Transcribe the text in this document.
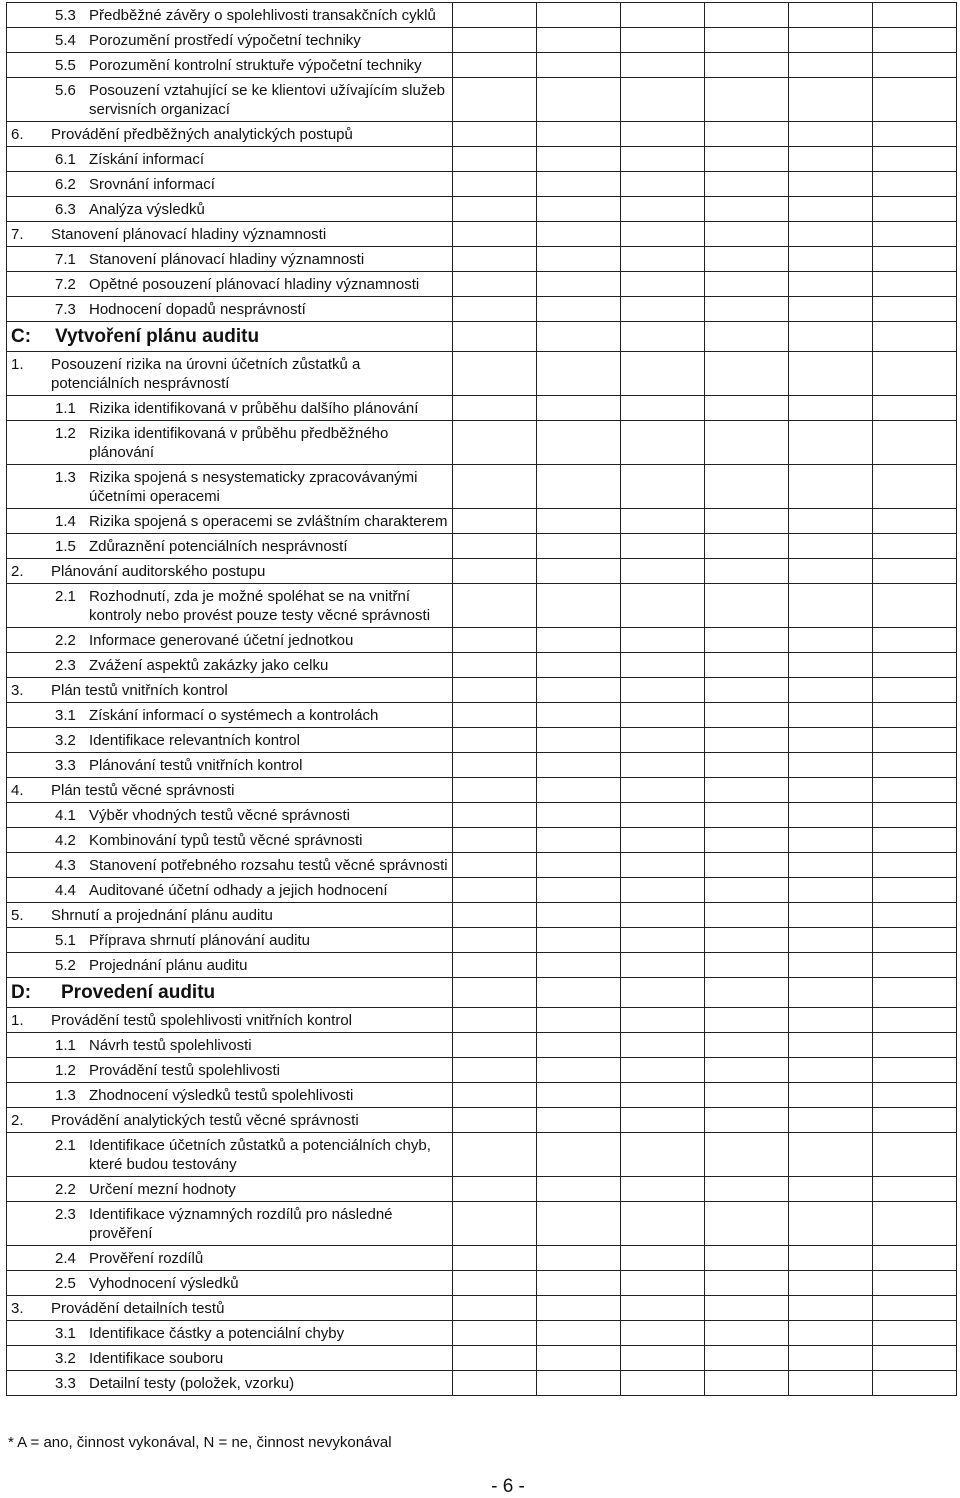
5.3 Předběžné závěry o spolehlivosti transakčních cyklů						

5.4 Porozumění prostředí výpočetní techniky						

5.5 Porozumění kontrolní struktuře výpočetní techniky						

5.6 Posouzení vztahující se ke klientovi užívajícím služeb servisních organizací						

6. Provádění předběžných analytických postupů						

6.1 Získání informací						

6.2 Srovnání informací						

6.3 Analýza výsledků						

7. Stanovení plánovací hladiny významnosti						

7.1 Stanovení plánovací hladiny významnosti						

7.2 Opětné posouzení plánovací hladiny významnosti						

7.3 Hodnocení dopadů nesprávností						

C: Vytvoření plánu auditu						

1. Posouzení rizika na úrovni účetních zůstatků a potenciálních nesprávností						

1.1 Rizika identifikovaná v průběhu dalšího plánování						

1.2 Rizika identifikovaná v průběhu předběžného plánování						

1.3 Rizika spojená s nesystematicky zpracovávanými účetními operacemi						

1.4 Rizika spojená s operacemi se zvláštním charakterem						

1.5 Zdůraznění potenciálních nesprávností						

2. Plánování auditorského postupu						

2.1 Rozhodnutí, zda je možné spoléhat se na vnitřní kontroly nebo provést pouze testy věcné správnosti						

2.2 Informace generované účetní jednotkou						

2.3 Zvážení aspektů zakázky jako celku						

3. Plán testů vnitřních kontrol						

3.1 Získání informací o systémech a kontrolách						

3.2 Identifikace relevantních kontrol						

3.3 Plánování testů vnitřních kontrol						

4. Plán testů věcné správnosti						

4.1 Výběr vhodných testů věcné správnosti						

4.2 Kombinování typů testů věcné správnosti						

4.3 Stanovení potřebného rozsahu testů věcné správnosti						

4.4 Auditované účetní odhady a jejich hodnocení						

5. Shrnutí a projednání plánu auditu						

5.1 Příprava shrnutí plánování auditu						

5.2 Projednání plánu auditu						

D: Provedení auditu						

1. Provádění testů spolehlivosti vnitřních kontrol						

1.1 Návrh testů spolehlivosti						

1.2 Provádění testů spolehlivosti						

1.3 Zhodnocení výsledků testů spolehlivosti						

2. Provádění analytických testů věcné správnosti						

2.1 Identifikace účetních zůstatků a potenciálních chyb, které budou testovány						

2.2 Určení mezní hodnoty						

2.3 Identifikace významných rozdílů pro následné prověření						

2.4 Prověření rozdílů						

2.5 Vyhodnocení výsledků						

3. Provádění detailních testů						

3.1 Identifikace částky a potenciální chyby						

3.2 Identifikace souboru						

3.3 Detailní testy (položek, vzorku)						

* A = ano, činnost vykonával, N = ne, činnost nevykonával
- 6 -
